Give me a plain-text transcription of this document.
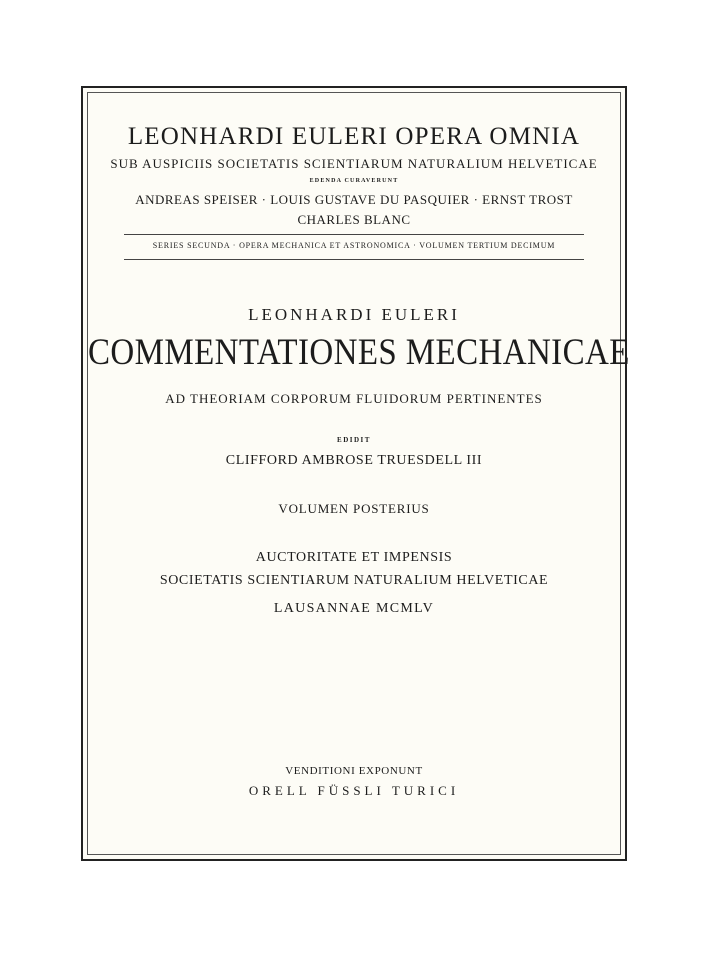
LEONHARDI EULERI OPERA OMNIA
SUB AUSPICIIS SOCIETATIS SCIENTIARUM NATURALIUM HELVETICAE
EDENDA CURAVERUNT
ANDREAS SPEISER · LOUIS GUSTAVE DU PASQUIER · ERNST TROST
CHARLES BLANC
SERIES SECUNDA · OPERA MECHANICA ET ASTRONOMICA · VOLUMEN TERTIUM DECIMUM
LEONHARDI EULERI
COMMENTATIONES MECHANICAE
AD THEORIAM CORPORUM FLUIDORUM PERTINENTES
EDIDIT
CLIFFORD AMBROSE TRUESDELL III
VOLUMEN POSTERIUS
AUCTORITATE ET IMPENSIS
SOCIETATIS SCIENTIARUM NATURALIUM HELVETICAE
LAUSANNAE MCMLV
VENDITIONI EXPONUNT
ORELL FÜSSLI TURICI
